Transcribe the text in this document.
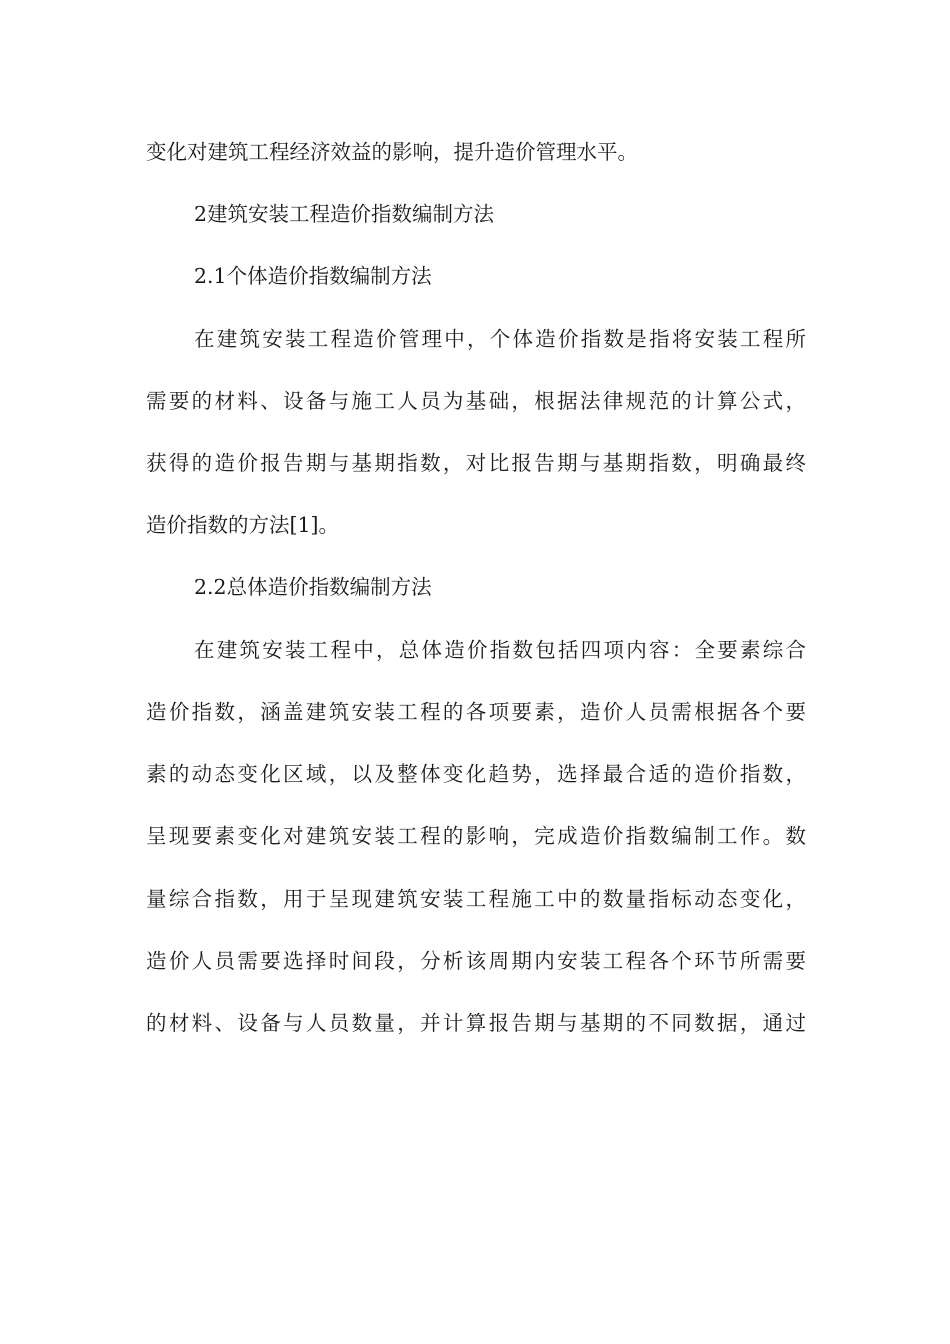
变化对建筑工程经济效益的影响，提升造价管理水平。
2建筑安装工程造价指数编制方法
2.1个体造价指数编制方法
在建筑安装工程造价管理中，个体造价指数是指将安装工程所
需要的材料、设备与施工人员为基础，根据法律规范的计算公式，
获得的造价报告期与基期指数，对比报告期与基期指数，明确最终
造价指数的方法[1]。
2.2总体造价指数编制方法
在建筑安装工程中，总体造价指数包括四项内容：全要素综合
造价指数，涵盖建筑安装工程的各项要素，造价人员需根据各个要
素的动态变化区域，以及整体变化趋势，选择最合适的造价指数，
呈现要素变化对建筑安装工程的影响，完成造价指数编制工作。数
量综合指数，用于呈现建筑安装工程施工中的数量指标动态变化，
造价人员需要选择时间段，分析该周期内安装工程各个环节所需要
的材料、设备与人员数量，并计算报告期与基期的不同数据，通过
